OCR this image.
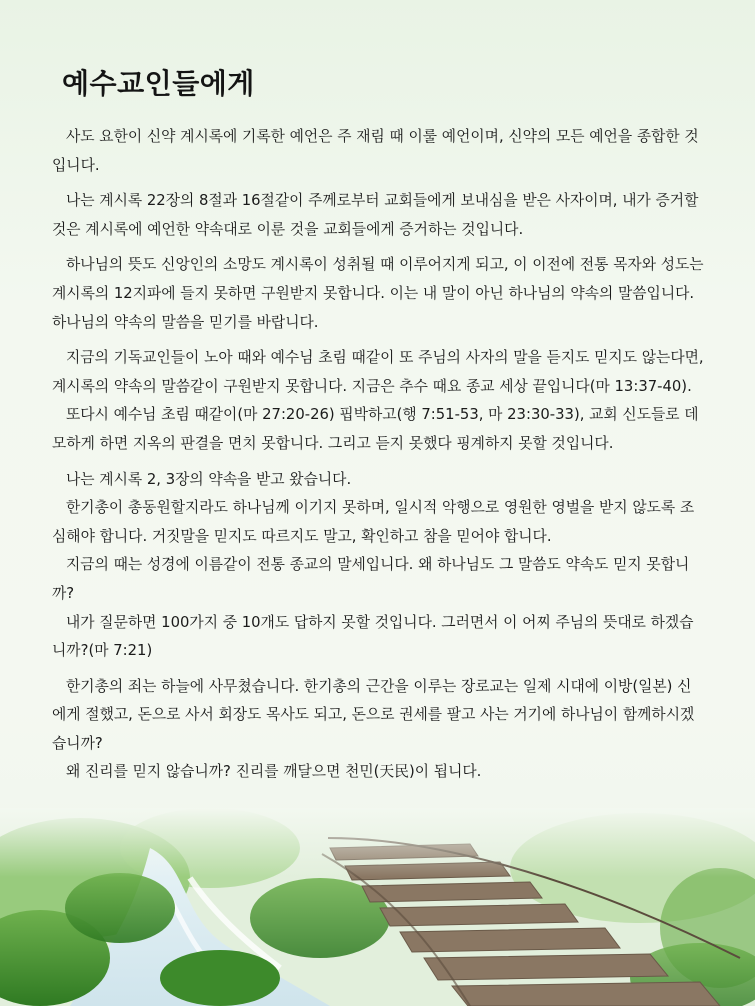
예수교인들에게

사도 요한이 신약 계시록에 기록한 예언은 주 재림 때 이룰 예언이며, 신약의 모든 예언을 종합한 것입니다.

나는 계시록 22장의 8절과 16절같이 주께로부터 교회들에게 보내심을 받은 사자이며, 내가 증거할 것은 계시록에 예언한 약속대로 이룬 것을 교회들에게 증거하는 것입니다.

하나님의 뜻도 신앙인의 소망도 계시록이 성취될 때 이루어지게 되고, 이 이전에 전통 목자와 성도는 계시록의 12지파에 들지 못하면 구원받지 못합니다. 이는 내 말이 아닌 하나님의 약속의 말씀입니다. 하나님의 약속의 말씀을 믿기를 바랍니다.

지금의 기독교인들이 노아 때와 예수님 초림 때같이 또 주님의 사자의 말을 듣지도 믿지도 않는다면, 계시록의 약속의 말씀같이 구원받지 못합니다. 지금은 추수 때요 종교 세상 끝입니다(마 13:37-40).

또다시 예수님 초림 때같이(마 27:20-26) 핍박하고(행 7:51-53, 마 23:30-33), 교회 신도들로 데모하게 하면 지옥의 판결을 면치 못합니다. 그리고 듣지 못했다 핑계하지 못할 것입니다.

나는 계시록 2, 3장의 약속을 받고 왔습니다.

한기총이 총동원할지라도 하나님께 이기지 못하며, 일시적 악행으로 영원한 영벌을 받지 않도록 조심해야 합니다. 거짓말을 믿지도 따르지도 말고, 확인하고 참을 믿어야 합니다.

지금의 때는 성경에 이름같이 전통 종교의 말세입니다. 왜 하나님도 그 말씀도 약속도 믿지 못합니까?

내가 질문하면 100가지 중 10개도 답하지 못할 것입니다. 그러면서 이 어찌 주님의 뜻대로 하겠습니까?(마 7:21)

한기총의 죄는 하늘에 사무쳤습니다. 한기총의 근간을 이루는 장로교는 일제 시대에 이방(일본) 신에게 절했고, 돈으로 사서 회장도 목사도 되고, 돈으로 권세를 팔고 사는 거기에 하나님이 함께하시겠습니까?

왜 진리를 믿지 않습니까? 진리를 깨달으면 천민(天民)이 됩니다.
